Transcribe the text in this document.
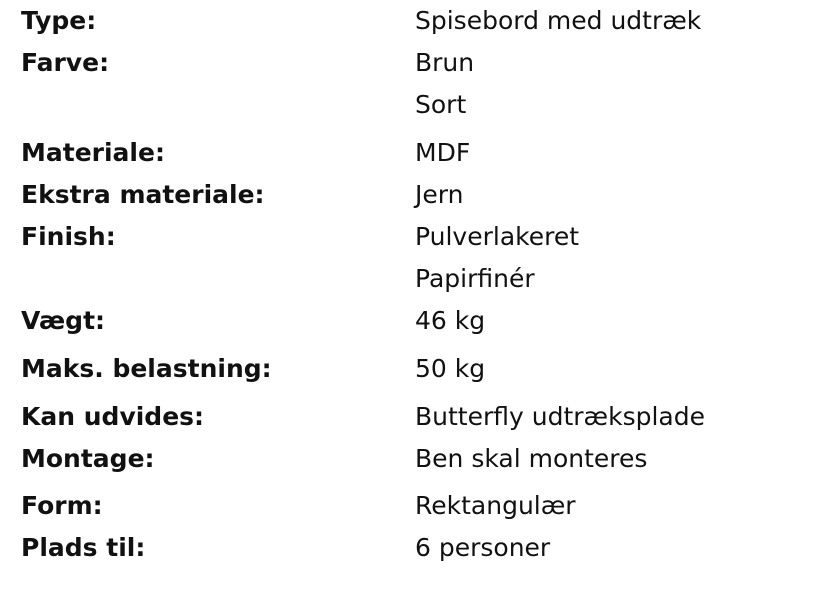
Type:	Spisebord med udtræk
Farve:	Brun
Sort
Materiale:	MDF
Ekstra materiale:	Jern
Finish:	Pulverlakeret
Papirfinér
Vægt:	46 kg
Maks. belastning:	50 kg
Kan udvides:	Butterfly udtræksplade
Montage:	Ben skal monteres
Form:	Rektangulær
Plads til:	6 personer
